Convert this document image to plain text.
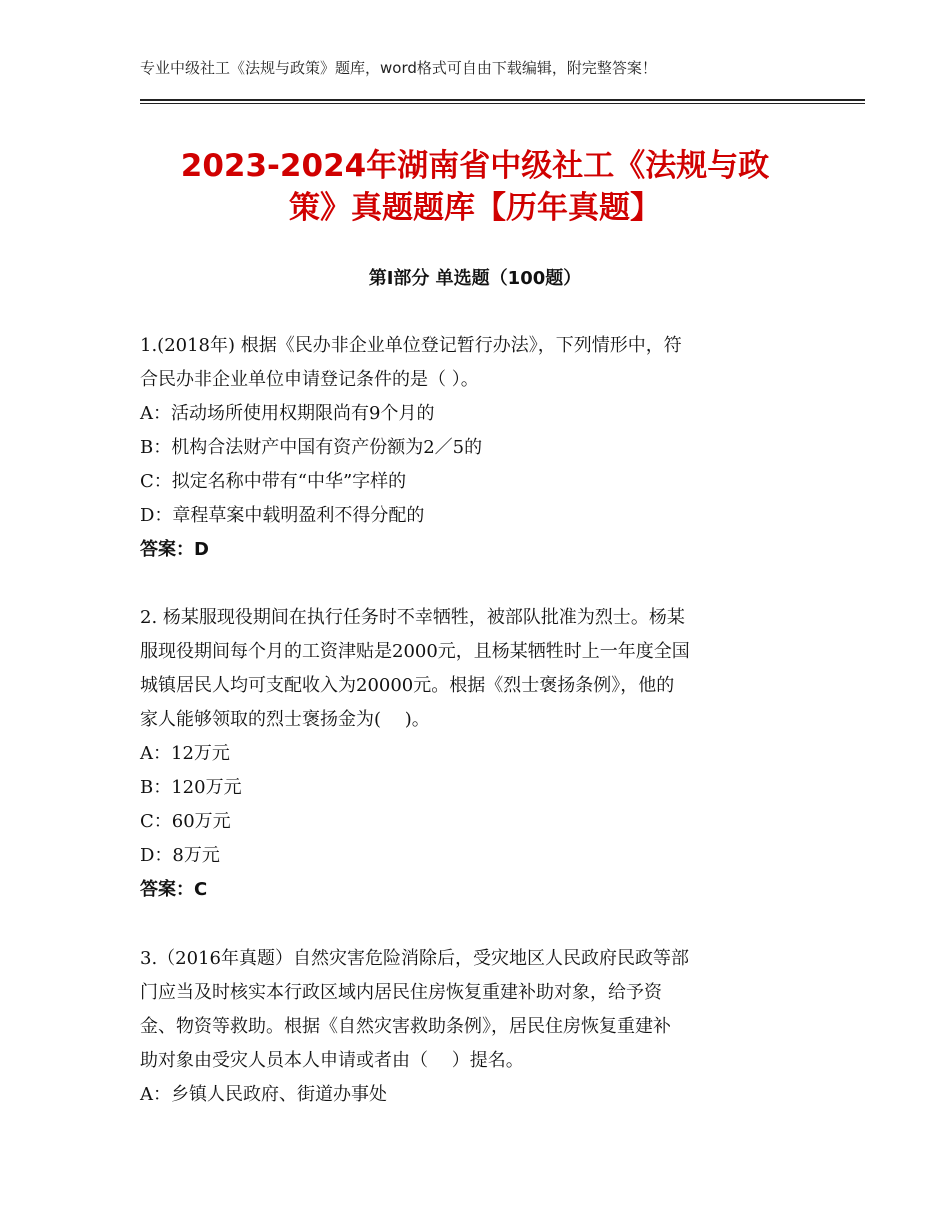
专业中级社工《法规与政策》题库，word格式可自由下载编辑，附完整答案！
2023-2024年湖南省中级社工《法规与政
策》真题题库【历年真题】
第I部分 单选题（100题）
1.(2018年) 根据《民办非企业单位登记暂行办法》，下列情形中，符
合民办非企业单位申请登记条件的是（ ）。
A：活动场所使用权期限尚有9个月的
B：机构合法财产中国有资产份额为2／5的
C：拟定名称中带有“中华”字样的
D：章程草案中载明盈利不得分配的
答案：D
2. 杨某服现役期间在执行任务时不幸牺牲，被部队批准为烈士。杨某
服现役期间每个月的工资津贴是2000元，且杨某牺牲时上一年度全国
城镇居民人均可支配收入为20000元。根据《烈士褒扬条例》，他的
家人能够领取的烈士褒扬金为(　 )。
A：12万元
B：120万元
C：60万元
D：8万元
答案：C
3.（2016年真题）自然灾害危险消除后，受灾地区人民政府民政等部
门应当及时核实本行政区域内居民住房恢复重建补助对象，给予资
金、物资等救助。根据《自然灾害救助条例》，居民住房恢复重建补
助对象由受灾人员本人申请或者由（　 ）提名。
A：乡镇人民政府、街道办事处
